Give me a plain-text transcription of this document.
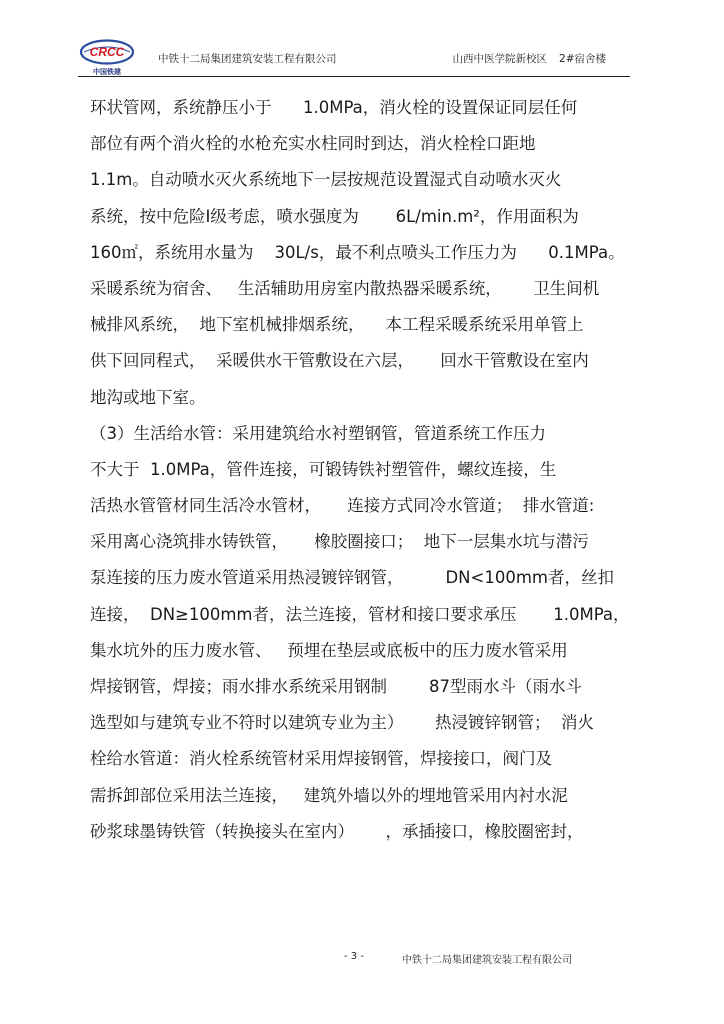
CRCC
中国铁建
中铁十二局集团建筑安装工程有限公司	山西中医学院新校区 2#宿舍楼
环状管网，系统静压小于      1.0MPa，消火栓的设置保证同层任何
部位有两个消火栓的水枪充实水柱同时到达，消火栓栓口距地
1.1m。自动喷水灭火系统地下一层按规范设置湿式自动喷水灭火
系统，按中危险Ⅰ级考虑，喷水强度为       6L/min.m²，作用面积为
160㎡，系统用水量为    30L/s，最不利点喷头工作压力为      0.1MPa。
采暖系统为宿舍、   生活辅助用房室内散热器采暖系统，      卫生间机
械排风系统，  地下室机械排烟系统，    本工程采暖系统采用单管上
供下回同程式，  采暖供水干管敷设在六层，     回水干管敷设在室内
地沟或地下室。
（3）生活给水管：采用建筑给水衬塑钢管，管道系统工作压力
不大于  1.0MPa，管件连接，可锻铸铁衬塑管件，螺纹连接，生
活热水管管材同生活冷水管材，     连接方式同冷水管道；  排水管道:
采用离心浇筑排水铸铁管，     橡胶圈接口；  地下一层集水坑与潜污
泵连接的压力废水管道采用热浸镀锌钢管，        DN<100mm者，丝扣
连接，  DN≥100mm者，法兰连接，管材和接口要求承压       1.0MPa，
集水坑外的压力废水管、   预埋在垫层或底板中的压力废水管采用
焊接钢管，焊接；雨水排水系统采用钢制        87型雨水斗（雨水斗
选型如与建筑专业不符时以建筑专业为主）      热浸镀锌钢管；  消火
栓给水管道：消火栓系统管材采用焊接钢管，焊接接口，阀门及
需拆卸部位采用法兰连接，   建筑外墙以外的埋地管采用内衬水泥
砂浆球墨铸铁管（转换接头在室内）      ，承插接口，橡胶圈密封，
- 3 -	中铁十二局集团建筑安装工程有限公司
